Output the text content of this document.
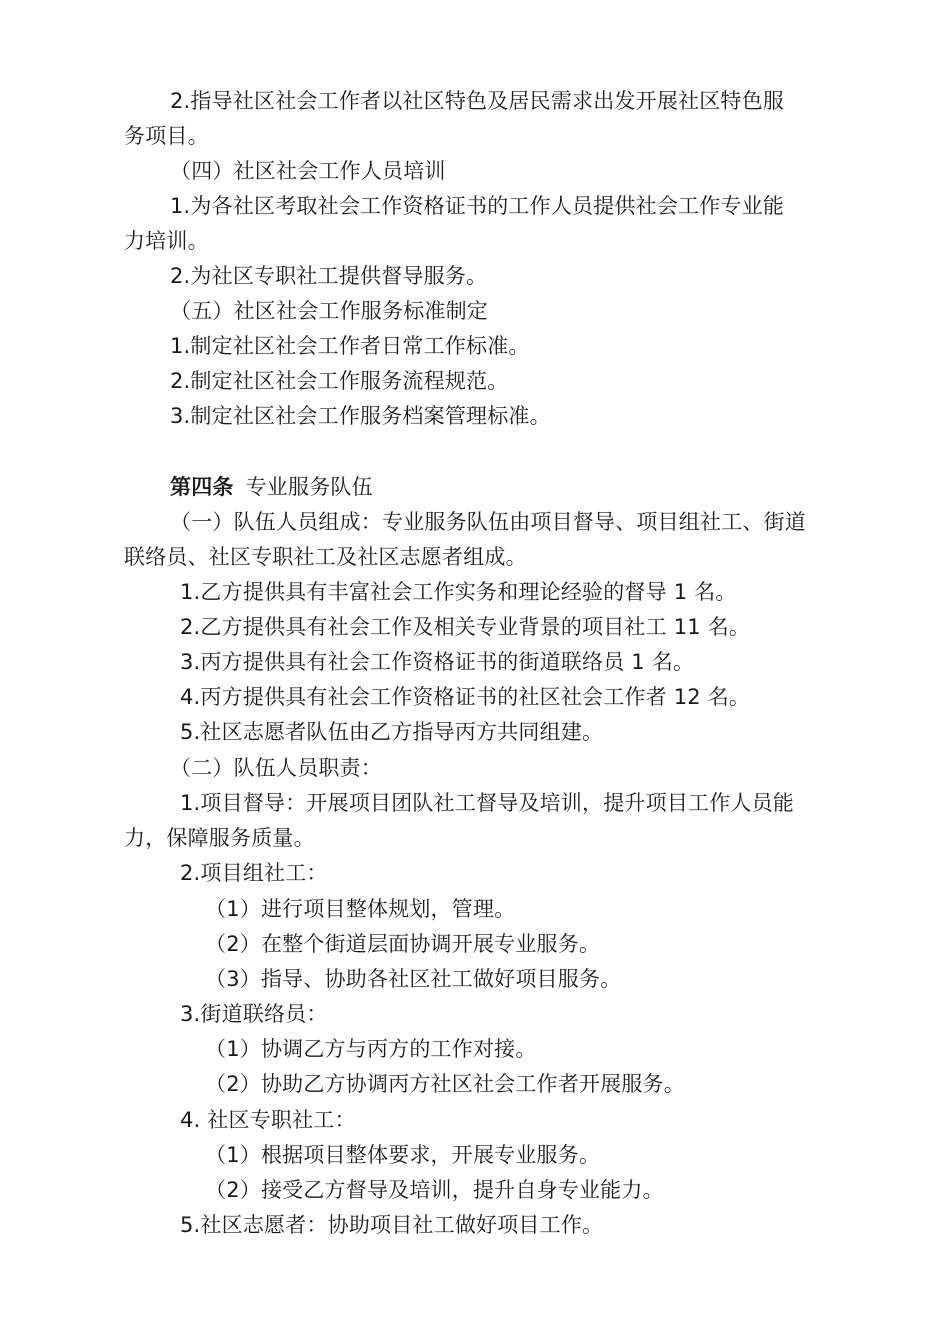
2.指导社区社会工作者以社区特色及居民需求出发开展社区特色服

务项目。

（四）社区社会工作人员培训

1.为各社区考取社会工作资格证书的工作人员提供社会工作专业能

力培训。

2.为社区专职社工提供督导服务。

（五）社区社会工作服务标准制定

1.制定社区社会工作者日常工作标准。

2.制定社区社会工作服务流程规范。

3.制定社区社会工作服务档案管理标准。

第四条 专业服务队伍

（一）队伍人员组成：专业服务队伍由项目督导、项目组社工、街道

联络员、社区专职社工及社区志愿者组成。

1.乙方提供具有丰富社会工作实务和理论经验的督导 1 名。

2.乙方提供具有社会工作及相关专业背景的项目社工 11 名。

3.丙方提供具有社会工作资格证书的街道联络员 1 名。

4.丙方提供具有社会工作资格证书的社区社会工作者 12 名。

5.社区志愿者队伍由乙方指导丙方共同组建。

（二）队伍人员职责：

1.项目督导：开展项目团队社工督导及培训，提升项目工作人员能

力，保障服务质量。

2.项目组社工：

（1）进行项目整体规划，管理。

（2）在整个街道层面协调开展专业服务。

（3）指导、协助各社区社工做好项目服务。

3.街道联络员：

（1）协调乙方与丙方的工作对接。

（2）协助乙方协调丙方社区社会工作者开展服务。

4. 社区专职社工：

（1）根据项目整体要求，开展专业服务。

（2）接受乙方督导及培训，提升自身专业能力。

5.社区志愿者：协助项目社工做好项目工作。
